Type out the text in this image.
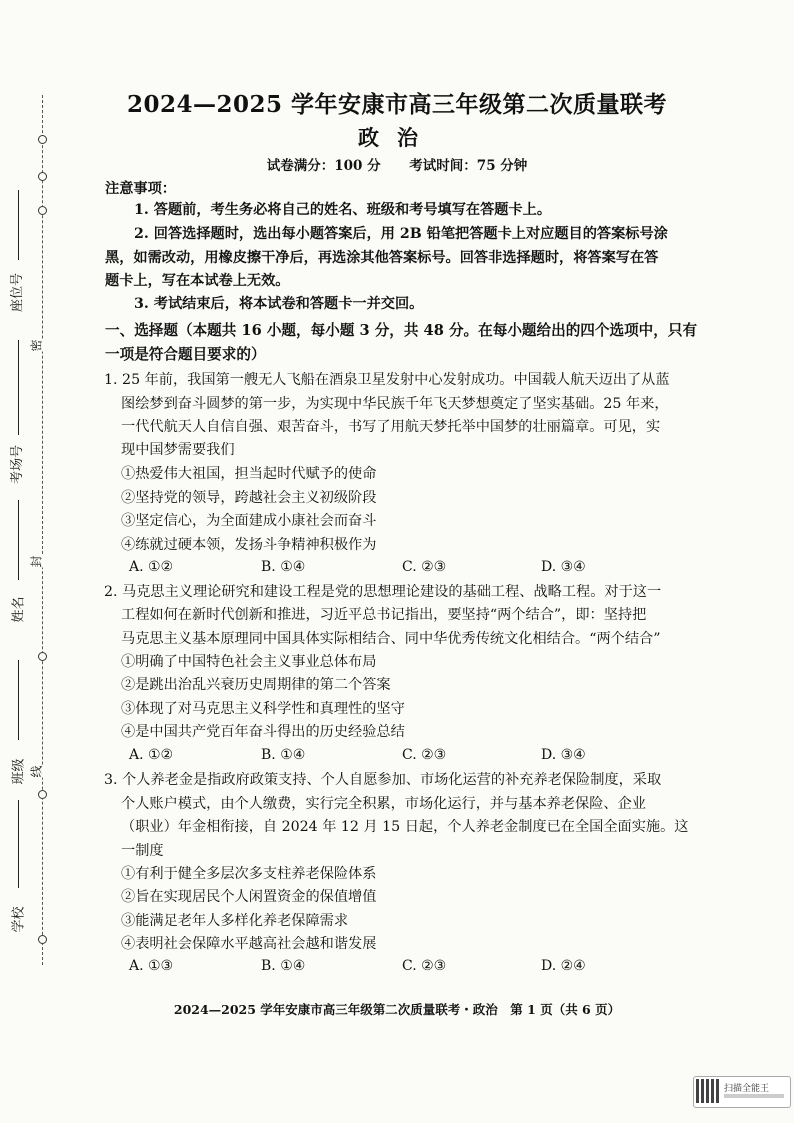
座位号
考场号
姓名
班级
学校
密
封
线
2024—2025 学年安康市高三年级第二次质量联考
政治
试卷满分：100 分 考试时间：75 分钟
注意事项：
1. 答题前，考生务必将自己的姓名、班级和考号填写在答题卡上。
2. 回答选择题时，选出每小题答案后，用 2B 铅笔把答题卡上对应题目的答案标号涂
黑，如需改动，用橡皮擦干净后，再选涂其他答案标号。回答非选择题时，将答案写在答
题卡上，写在本试卷上无效。
3. 考试结束后，将本试卷和答题卡一并交回。
一、选择题（本题共 16 小题，每小题 3 分，共 48 分。在每小题给出的四个选项中，只有
一项是符合题目要求的）
1. 25 年前，我国第一艘无人飞船在酒泉卫星发射中心发射成功。中国载人航天迈出了从蓝
图绘梦到奋斗圆梦的第一步，为实现中华民族千年飞天梦想奠定了坚实基础。25 年来，
一代代航天人自信自强、艰苦奋斗，书写了用航天梦托举中国梦的壮丽篇章。可见，实
现中国梦需要我们
①热爱伟大祖国，担当起时代赋予的使命
②坚持党的领导，跨越社会主义初级阶段
③坚定信心，为全面建成小康社会而奋斗
④练就过硬本领，发扬斗争精神积极作为
A. ①②	B. ①④	C. ②③	D. ③④
2. 马克思主义理论研究和建设工程是党的思想理论建设的基础工程、战略工程。对于这一
工程如何在新时代创新和推进，习近平总书记指出，要坚持“两个结合”，即：坚持把
马克思主义基本原理同中国具体实际相结合、同中华优秀传统文化相结合。“两个结合”
①明确了中国特色社会主义事业总体布局
②是跳出治乱兴衰历史周期律的第二个答案
③体现了对马克思主义科学性和真理性的坚守
④是中国共产党百年奋斗得出的历史经验总结
A. ①②	B. ①④	C. ②③	D. ③④
3. 个人养老金是指政府政策支持、个人自愿参加、市场化运营的补充养老保险制度，采取
个人账户模式，由个人缴费，实行完全积累，市场化运行，并与基本养老保险、企业
（职业）年金相衔接，自 2024 年 12 月 15 日起，个人养老金制度已在全国全面实施。这
一制度
①有利于健全多层次多支柱养老保险体系
②旨在实现居民个人闲置资金的保值增值
③能满足老年人多样化养老保障需求
④表明社会保障水平越高社会越和谐发展
A. ①③	B. ①④	C. ②③	D. ②④
2024—2025 学年安康市高三年级第二次质量联考・政治　第 1 页（共 6 页）
扫描全能王
